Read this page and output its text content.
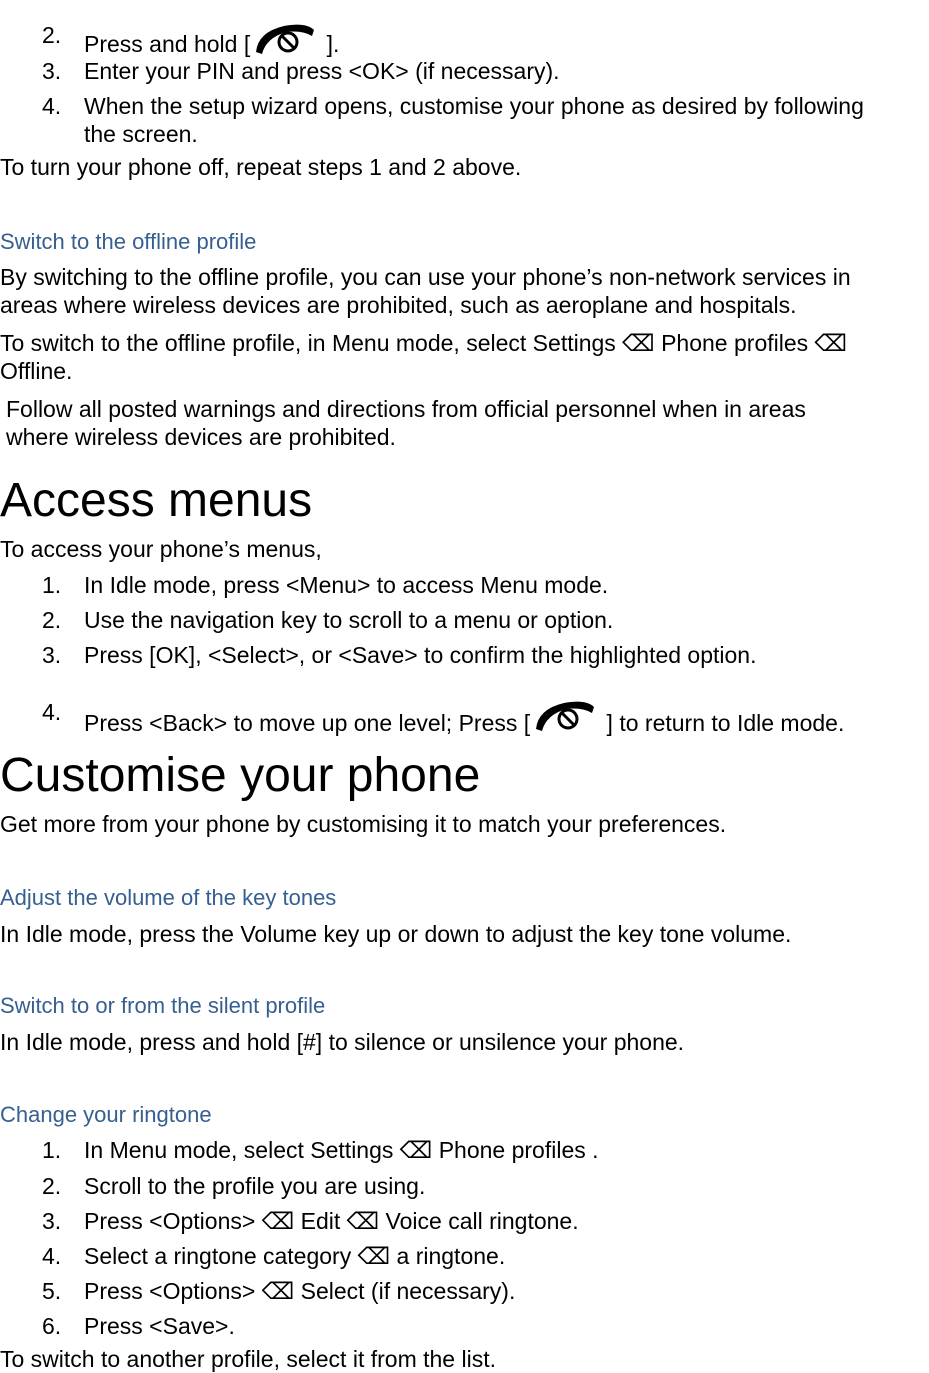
2. Press and hold [	].
3. Enter your PIN and press <OK> (if necessary).
4. When the setup wizard opens, customise your phone as desired by following
the screen.
To turn your phone off, repeat steps 1 and 2 above.
Switch to the offline profile
By switching to the offline profile, you can use your phone’s non-network services in
areas where wireless devices are prohibited, such as aeroplane and hospitals.
To switch to the offline profile, in Menu mode, select Settings ⌫ Phone profiles ⌫
Offline.
Follow all posted warnings and directions from official personnel when in areas
where wireless devices are prohibited.
Access menus
To access your phone’s menus,
1. In Idle mode, press <Menu> to access Menu mode.
2. Use the navigation key to scroll to a menu or option.
3. Press [OK], <Select>, or <Save> to confirm the highlighted option.
4. Press <Back> to move up one level; Press [	] to return to Idle mode.
Customise your phone
Get more from your phone by customising it to match your preferences.
Adjust the volume of the key tones
In Idle mode, press the Volume key up or down to adjust the key tone volume.
Switch to or from the silent profile
In Idle mode, press and hold [#] to silence or unsilence your phone.
Change your ringtone
1. In Menu mode, select Settings ⌫ Phone profiles .
2. Scroll to the profile you are using.
3. Press <Options> ⌫ Edit ⌫ Voice call ringtone.
4. Select a ringtone category ⌫ a ringtone.
5. Press <Options> ⌫ Select (if necessary).
6. Press <Save>.
To switch to another profile, select it from the list.
